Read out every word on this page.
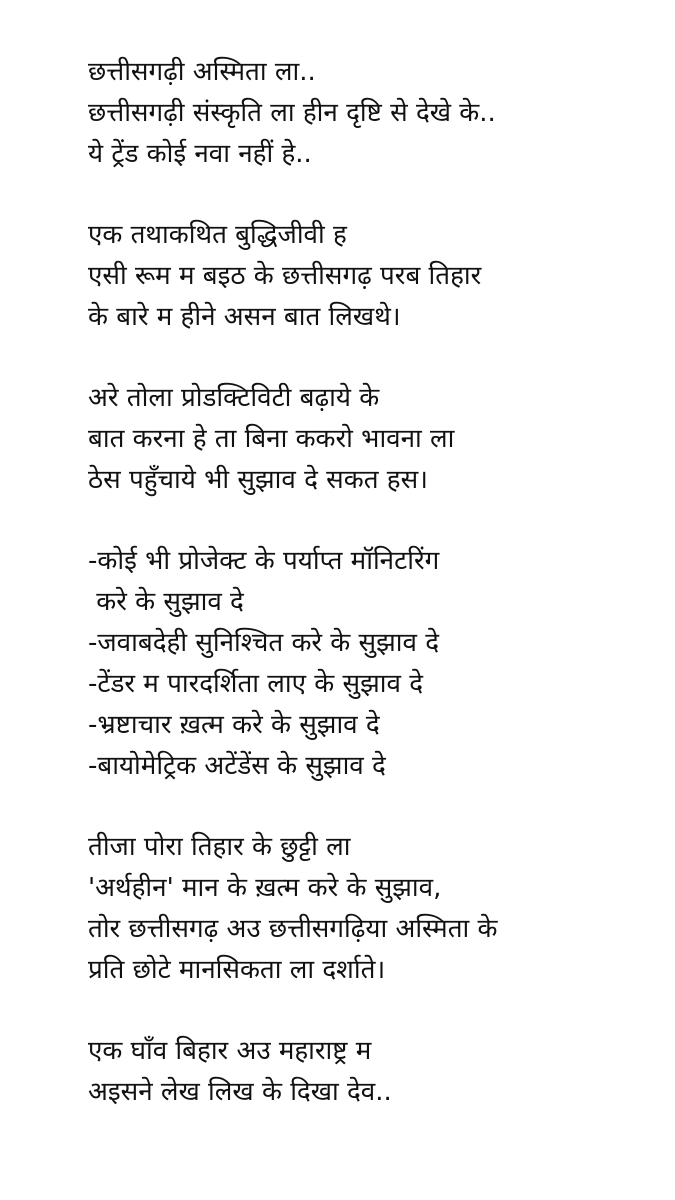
छत्तीसगढ़ी अस्मिता ला..
छत्तीसगढ़ी संस्कृति ला हीन दृष्टि से देखे के..
ये ट्रेंड कोई नवा नहीं हे..
एक तथाकथित बुद्धिजीवी ह
एसी रूम म बइठ के छत्तीसगढ़ परब तिहार
के बारे म हीने असन बात लिखथे।
अरे तोला प्रोडक्टिविटी बढ़ाये के
बात करना हे ता बिना ककरो भावना ला
ठेस पहुँचाये भी सुझाव दे सकत हस।
-कोई भी प्रोजेक्ट के पर्याप्त मॉनिटरिंग
करे के सुझाव दे
-जवाबदेही सुनिश्चित करे के सुझाव दे
-टेंडर म पारदर्शिता लाए के सुझाव दे
-भ्रष्टाचार ख़त्म करे के सुझाव दे
-बायोमेट्रिक अटेंडेंस के सुझाव दे
तीजा पोरा तिहार के छुट्टी ला
'अर्थहीन' मान के ख़त्म करे के सुझाव,
तोर छत्तीसगढ़ अउ छत्तीसगढ़िया अस्मिता के
प्रति छोटे मानसिकता ला दर्शाते।
एक घाँव बिहार अउ महाराष्ट्र म
अइसने लेख लिख के दिखा देव..
